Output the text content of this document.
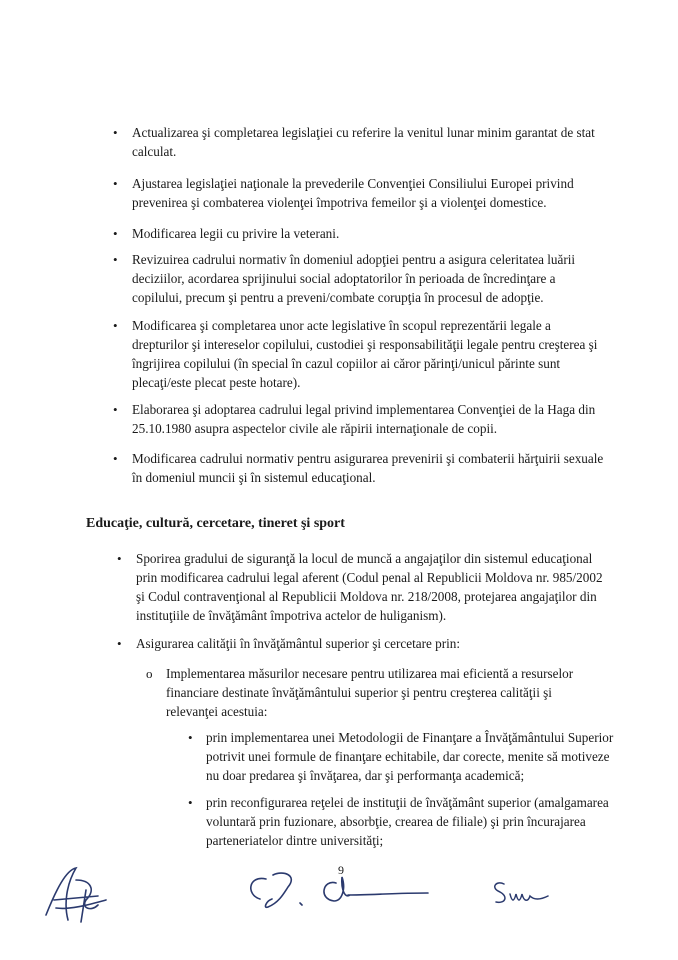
• Actualizarea şi completarea legislaţiei cu referire la venitul lunar minim garantat de stat calculat.
• Ajustarea legislaţiei naţionale la prevederile Convenţiei Consiliului Europei privind prevenirea şi combaterea violenţei împotriva femeilor şi a violenţei domestice.
• Modificarea legii cu privire la veterani.
• Revizuirea cadrului normativ în domeniul adopţiei pentru a asigura celeritatea luării deciziilor, acordarea sprijinului social adoptatorilor în perioada de încredinţare a copilului, precum şi pentru a preveni/combate corupţia în procesul de adopţie.
• Modificarea şi completarea unor acte legislative în scopul reprezentării legale a drepturilor şi intereselor copilului, custodiei şi responsabilităţii legale pentru creşterea şi îngrijirea copilului (în special în cazul copiilor ai căror părinţi/unicul părinte sunt plecaţi/este plecat peste hotare).
• Elaborarea şi adoptarea cadrului legal privind implementarea Convenţiei de la Haga din 25.10.1980 asupra aspectelor civile ale răpirii internaţionale de copii.
• Modificarea cadrului normativ pentru asigurarea prevenirii şi combaterii hărţuirii sexuale în domeniul muncii şi în sistemul educaţional.
Educaţie, cultură, cercetare, tineret şi sport
• Sporirea gradului de siguranţă la locul de muncă a angajaţilor din sistemul educaţional prin modificarea cadrului legal aferent (Codul penal al Republicii Moldova nr. 985/2002 şi Codul contravenţional al Republicii Moldova nr. 218/2008, protejarea angajaţilor din instituţiile de învăţământ împotriva actelor de huliganism).
• Asigurarea calităţii în învăţământul superior şi cercetare prin:
o Implementarea măsurilor necesare pentru utilizarea mai eficientă a resurselor financiare destinate învăţământului superior şi pentru creşterea calităţii şi relevanţei acestuia:
• prin implementarea unei Metodologii de Finanţare a Învăţământului Superior potrivit unei formule de finanţare echitabile, dar corecte, menite să motiveze nu doar predarea şi învăţarea, dar şi performanţa academică;
• prin reconfigurarea reţelei de instituţii de învăţământ superior (amalgamarea voluntară prin fuzionare, absorbţie, crearea de filiale) şi prin încurajarea parteneriatelor dintre universităţi;
9
